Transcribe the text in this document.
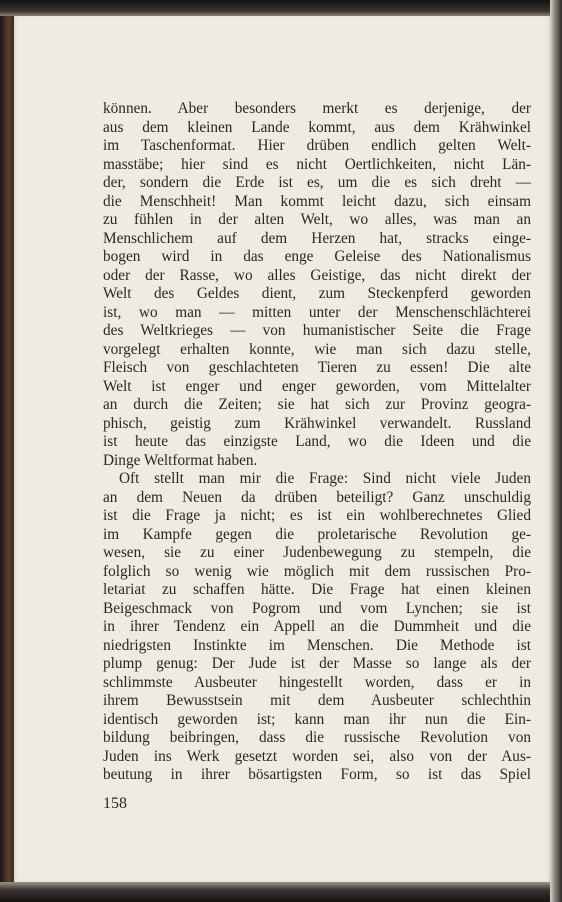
können. Aber besonders merkt es derjenige, der
aus dem kleinen Lande kommt, aus dem Krähwinkel
im Taschenformat. Hier drüben endlich gelten Welt-
masstäbe; hier sind es nicht Oertlichkeiten, nicht Län-
der, sondern die Erde ist es, um die es sich dreht —
die Menschheit! Man kommt leicht dazu, sich einsam
zu fühlen in der alten Welt, wo alles, was man an
Menschlichem auf dem Herzen hat, stracks einge-
bogen wird in das enge Geleise des Nationalismus
oder der Rasse, wo alles Geistige, das nicht direkt der
Welt des Geldes dient, zum Steckenpferd geworden
ist, wo man — mitten unter der Menschenschlächterei
des Weltkrieges — von humanistischer Seite die Frage
vorgelegt erhalten konnte, wie man sich dazu stelle,
Fleisch von geschlachteten Tieren zu essen! Die alte
Welt ist enger und enger geworden, vom Mittelalter
an durch die Zeiten; sie hat sich zur Provinz geogra-
phisch, geistig zum Krähwinkel verwandelt. Russland
ist heute das einzigste Land, wo die Ideen und die
Dinge Weltformat haben.
Oft stellt man mir die Frage: Sind nicht viele Juden
an dem Neuen da drüben beteiligt? Ganz unschuldig
ist die Frage ja nicht; es ist ein wohlberechnetes Glied
im Kampfe gegen die proletarische Revolution ge-
wesen, sie zu einer Judenbewegung zu stempeln, die
folglich so wenig wie möglich mit dem russischen Pro-
letariat zu schaffen hätte. Die Frage hat einen kleinen
Beigeschmack von Pogrom und vom Lynchen; sie ist
in ihrer Tendenz ein Appell an die Dummheit und die
niedrigsten Instinkte im Menschen. Die Methode ist
plump genug: Der Jude ist der Masse so lange als der
schlimmste Ausbeuter hingestellt worden, dass er in
ihrem Bewusstsein mit dem Ausbeuter schlechthin
identisch geworden ist; kann man ihr nun die Ein-
bildung beibringen, dass die russische Revolution von
Juden ins Werk gesetzt worden sei, also von der Aus-
beutung in ihrer bösartigsten Form, so ist das Spiel
158
